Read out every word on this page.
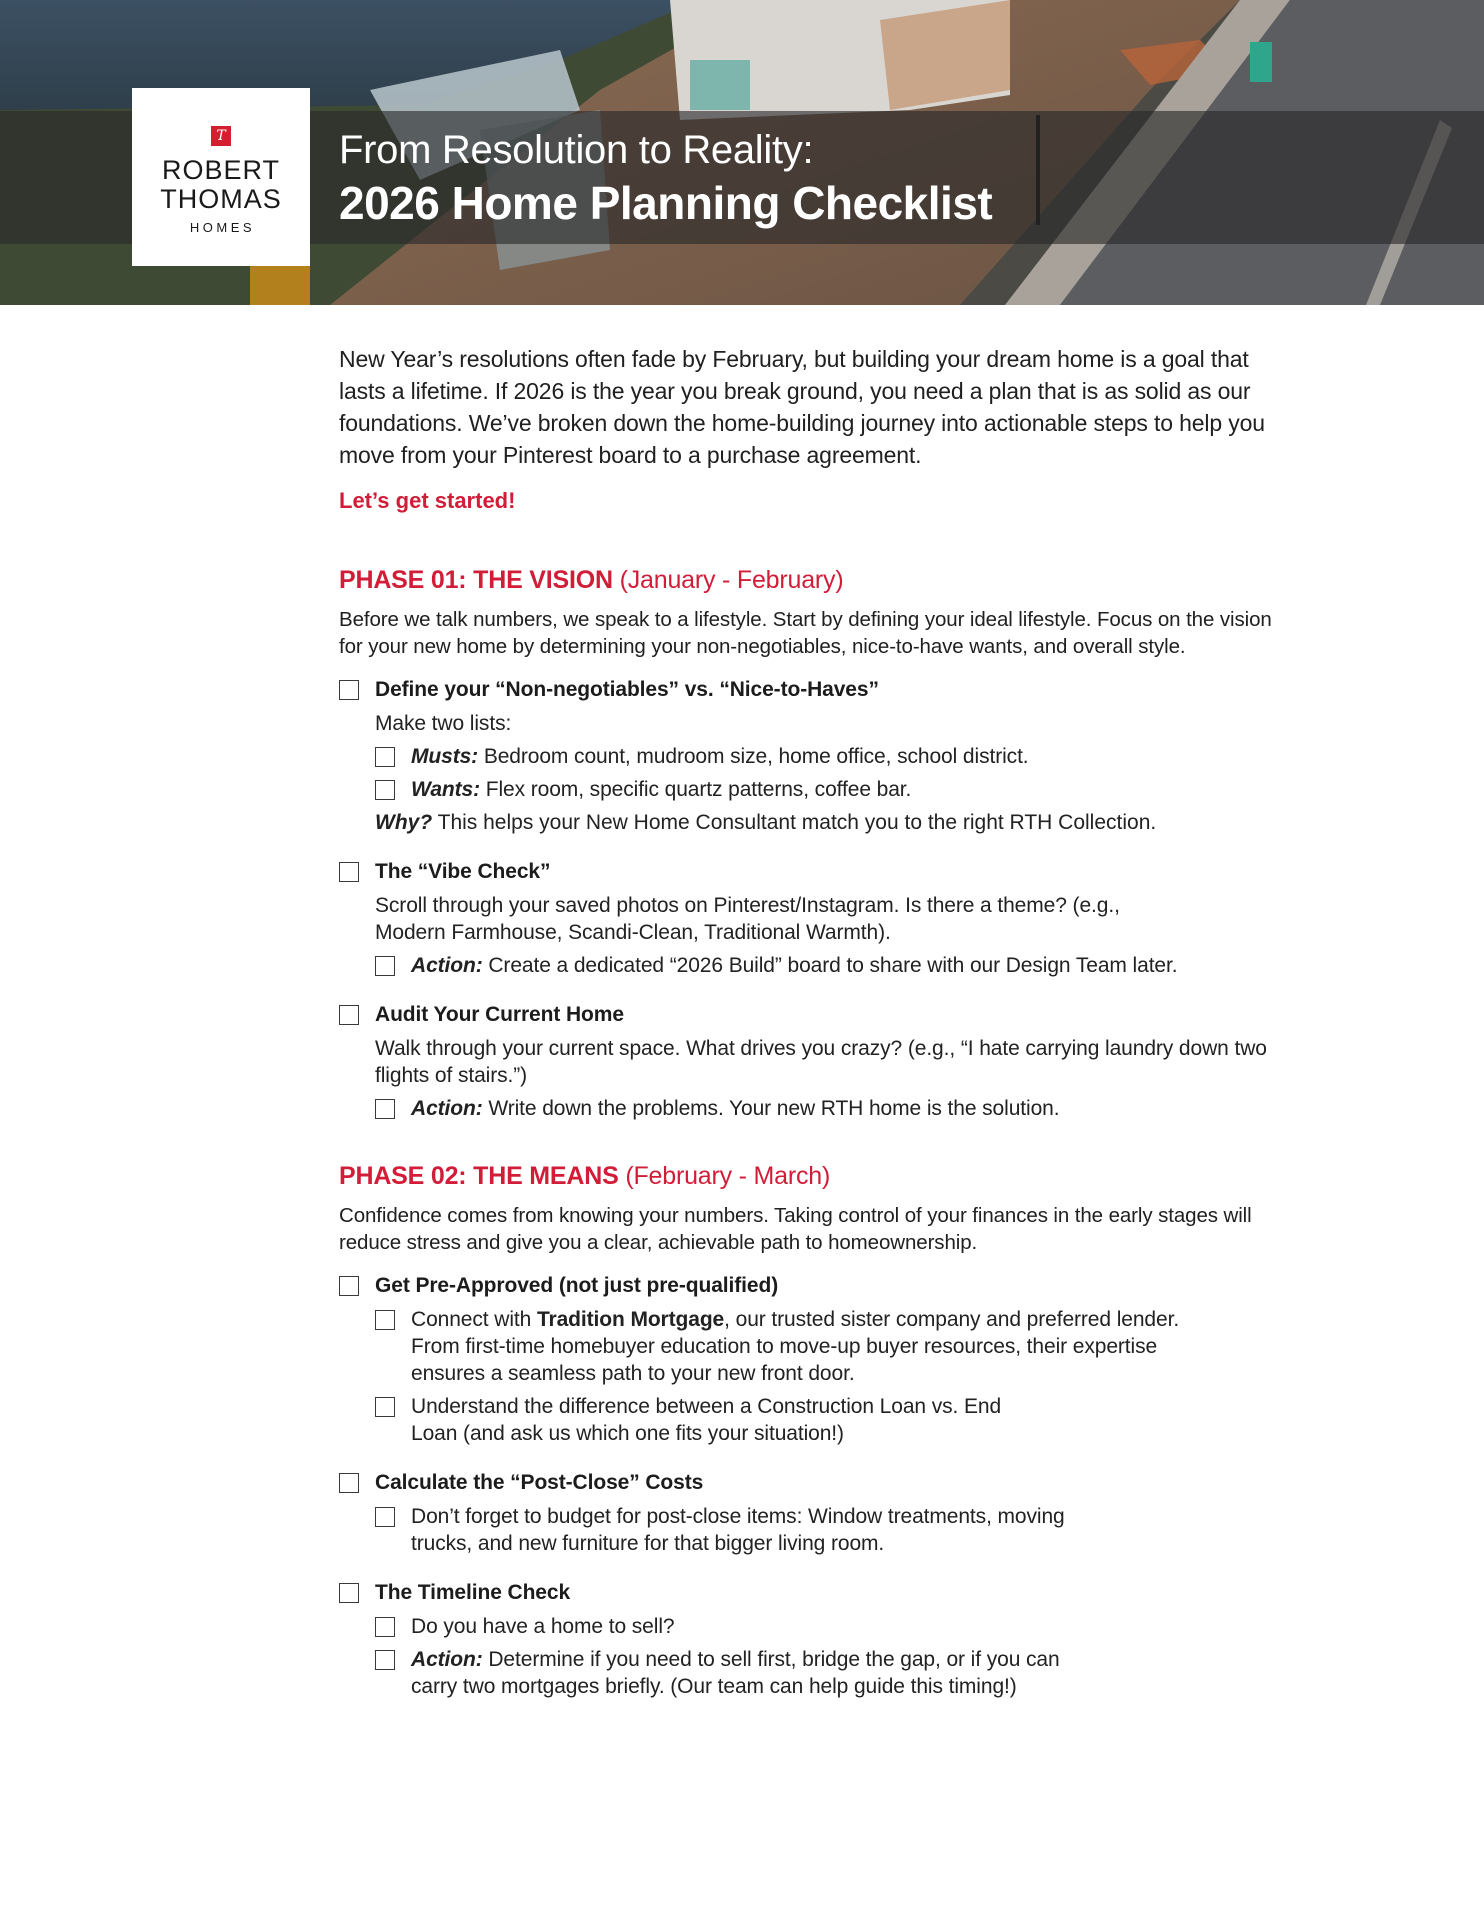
T
ROBERT
THOMAS
HOMES
From Resolution to Reality:
2026 Home Planning Checklist

New Year’s resolutions often fade by February, but building your dream home is a goal that lasts a lifetime. If 2026 is the year you break ground, you need a plan that is as solid as our foundations. We’ve broken down the home-building journey into actionable steps to help you move from your Pinterest board to a purchase agreement.

Let’s get started!

PHASE 01: THE VISION (January - February)

Before we talk numbers, we speak to a lifestyle. Start by defining your ideal lifestyle. Focus on the vision for your new home by determining your non-negotiables, nice-to-have wants, and overall style.

Define your “Non-negotiables” vs. “Nice-to-Haves”

Make two lists:

Musts: Bedroom count, mudroom size, home office, school district.
Wants: Flex room, specific quartz patterns, coffee bar.

Why? This helps your New Home Consultant match you to the right RTH Collection.

The “Vibe Check”

Scroll through your saved photos on Pinterest/Instagram. Is there a theme? (e.g., Modern Farmhouse, Scandi-Clean, Traditional Warmth).

Action: Create a dedicated “2026 Build” board to share with our Design Team later.
Audit Your Current Home

Walk through your current space. What drives you crazy? (e.g., “I hate carrying laundry down two flights of stairs.”)

Action: Write down the problems. Your new RTH home is the solution.
PHASE 02: THE MEANS (February - March)

Confidence comes from knowing your numbers. Taking control of your finances in the early stages will reduce stress and give you a clear, achievable path to homeownership.

Get Pre-Approved (not just pre-qualified)
Connect with Tradition Mortgage, our trusted sister company and preferred lender. From first-time homebuyer education to move-up buyer resources, their expertise ensures a seamless path to your new front door.
Understand the difference between a Construction Loan vs. End Loan (and ask us which one fits your situation!)
Calculate the “Post-Close” Costs
Don’t forget to budget for post-close items: Window treatments, moving trucks, and new furniture for that bigger living room.
The Timeline Check
Do you have a home to sell?
Action: Determine if you need to sell first, bridge the gap, or if you can carry two mortgages briefly. (Our team can help guide this timing!)
